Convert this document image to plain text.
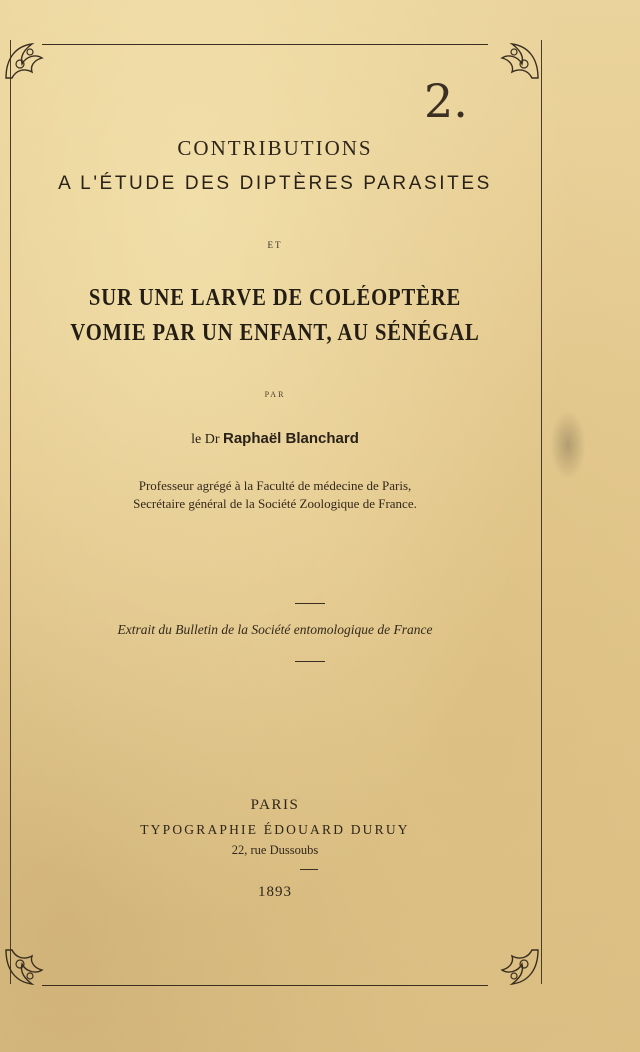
2.

CONTRIBUTIONS

A L'ÉTUDE DES DIPTÈRES PARASITES

ET

SUR UNE LARVE DE COLÉOPTÈRE

VOMIE PAR UN ENFANT, AU SÉNÉGAL

PAR

le Dr Raphaël Blanchard

Professeur agrégé à la Faculté de médecine de Paris,

Secrétaire général de la Société Zoologique de France.

Extrait du Bulletin de la Société entomologique de France

PARIS

TYPOGRAPHIE ÉDOUARD DURUY

22, rue Dussoubs

1893
